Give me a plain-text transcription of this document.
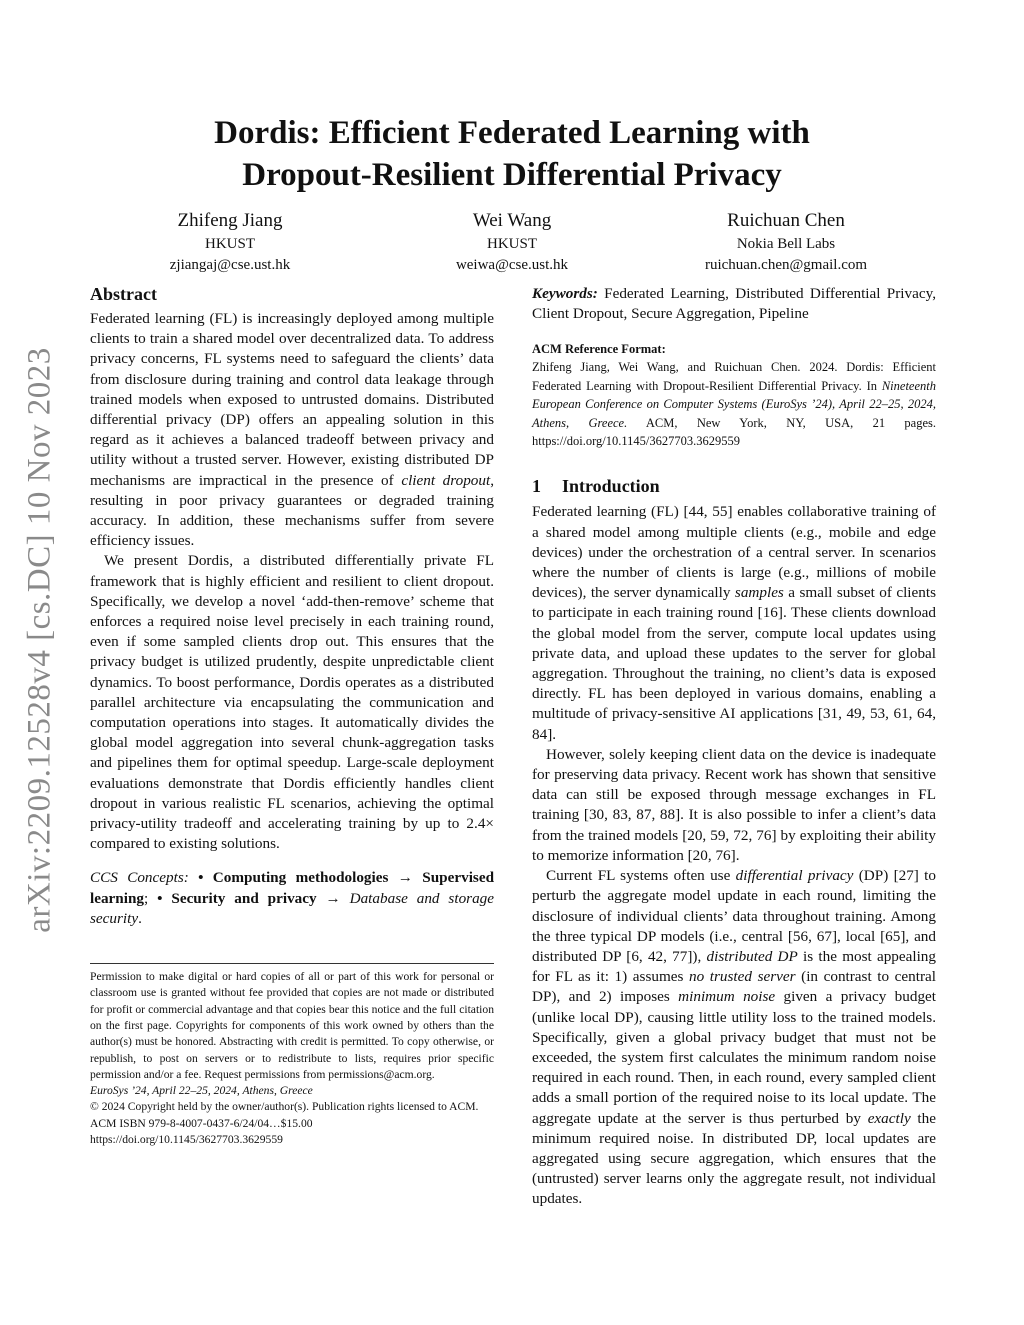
arXiv:2209.12528v4 [cs.DC] 10 Nov 2023
Dordis: Efficient Federated Learning with
Dropout-Resilient Differential Privacy
Zhifeng Jiang
HKUST
zjiangaj@cse.ust.hk
Wei Wang
HKUST
weiwa@cse.ust.hk
Ruichuan Chen
Nokia Bell Labs
ruichuan.chen@gmail.com
Abstract

Federated learning (FL) is increasingly deployed among multiple clients to train a shared model over decentralized data. To address privacy concerns, FL systems need to safeguard the clients’ data from disclosure during training and control data leakage through trained models when exposed to untrusted domains. Distributed differential privacy (DP) offers an appealing solution in this regard as it achieves a balanced tradeoff between privacy and utility without a trusted server. However, existing distributed DP mechanisms are impractical in the presence of client dropout, resulting in poor privacy guarantees or degraded training accuracy. In addition, these mechanisms suffer from severe efficiency issues.

We present Dordis, a distributed differentially private FL framework that is highly efficient and resilient to client dropout. Specifically, we develop a novel ‘add-then-remove’ scheme that enforces a required noise level precisely in each training round, even if some sampled clients drop out. This ensures that the privacy budget is utilized prudently, despite unpredictable client dynamics. To boost performance, Dordis operates as a distributed parallel architecture via encapsulating the communication and computation operations into stages. It automatically divides the global model aggregation into several chunk-aggregation tasks and pipelines them for optimal speedup. Large-scale deployment evaluations demonstrate that Dordis efficiently handles client dropout in various realistic FL scenarios, achieving the optimal privacy-utility tradeoff and accelerating training by up to 2.4× compared to existing solutions.

CCS Concepts: • Computing methodologies → Supervised learning; • Security and privacy → Database and storage security.

Permission to make digital or hard copies of all or part of this work for personal or classroom use is granted without fee provided that copies are not made or distributed for profit or commercial advantage and that copies bear this notice and the full citation on the first page. Copyrights for components of this work owned by others than the author(s) must be honored. Abstracting with credit is permitted. To copy otherwise, or republish, to post on servers or to redistribute to lists, requires prior specific permission and/or a fee. Request permissions from permissions@acm.org.

EuroSys ’24, April 22–25, 2024, Athens, Greece
© 2024 Copyright held by the owner/author(s). Publication rights licensed to ACM.
ACM ISBN 979-8-4007-0437-6/24/04…$15.00
https://doi.org/10.1145/3627703.3629559

Keywords: Federated Learning, Distributed Differential Privacy, Client Dropout, Secure Aggregation, Pipeline

ACM Reference Format:

Zhifeng Jiang, Wei Wang, and Ruichuan Chen. 2024. Dordis: Efficient Federated Learning with Dropout-Resilient Differential Privacy. In Nineteenth European Conference on Computer Systems (EuroSys ’24), April 22–25, 2024, Athens, Greece. ACM, New York, NY, USA, 21 pages. https://doi.org/10.1145/3627703.3629559

1 Introduction

Federated learning (FL) [44, 55] enables collaborative training of a shared model among multiple clients (e.g., mobile and edge devices) under the orchestration of a central server. In scenarios where the number of clients is large (e.g., millions of mobile devices), the server dynamically samples a small subset of clients to participate in each training round [16]. These clients download the global model from the server, compute local updates using private data, and upload these updates to the server for global aggregation. Throughout the training, no client’s data is exposed directly. FL has been deployed in various domains, enabling a multitude of privacy-sensitive AI applications [31, 49, 53, 61, 64, 84].

However, solely keeping client data on the device is inadequate for preserving data privacy. Recent work has shown that sensitive data can still be exposed through message exchanges in FL training [30, 83, 87, 88]. It is also possible to infer a client’s data from the trained models [20, 59, 72, 76] by exploiting their ability to memorize information [20, 76].

Current FL systems often use differential privacy (DP) [27] to perturb the aggregate model update in each round, limiting the disclosure of individual clients’ data throughout training. Among the three typical DP models (i.e., central [56, 67], local [65], and distributed DP [6, 42, 77]), distributed DP is the most appealing for FL as it: 1) assumes no trusted server (in contrast to central DP), and 2) imposes minimum noise given a privacy budget (unlike local DP), causing little utility loss to the trained models. Specifically, given a global privacy budget that must not be exceeded, the system first calculates the minimum random noise required in each round. Then, in each round, every sampled client adds a small portion of the required noise to its local update. The aggregate update at the server is thus perturbed by exactly the minimum required noise. In distributed DP, local updates are aggregated using secure aggregation, which ensures that the (untrusted) server learns only the aggregate result, not individual updates.
